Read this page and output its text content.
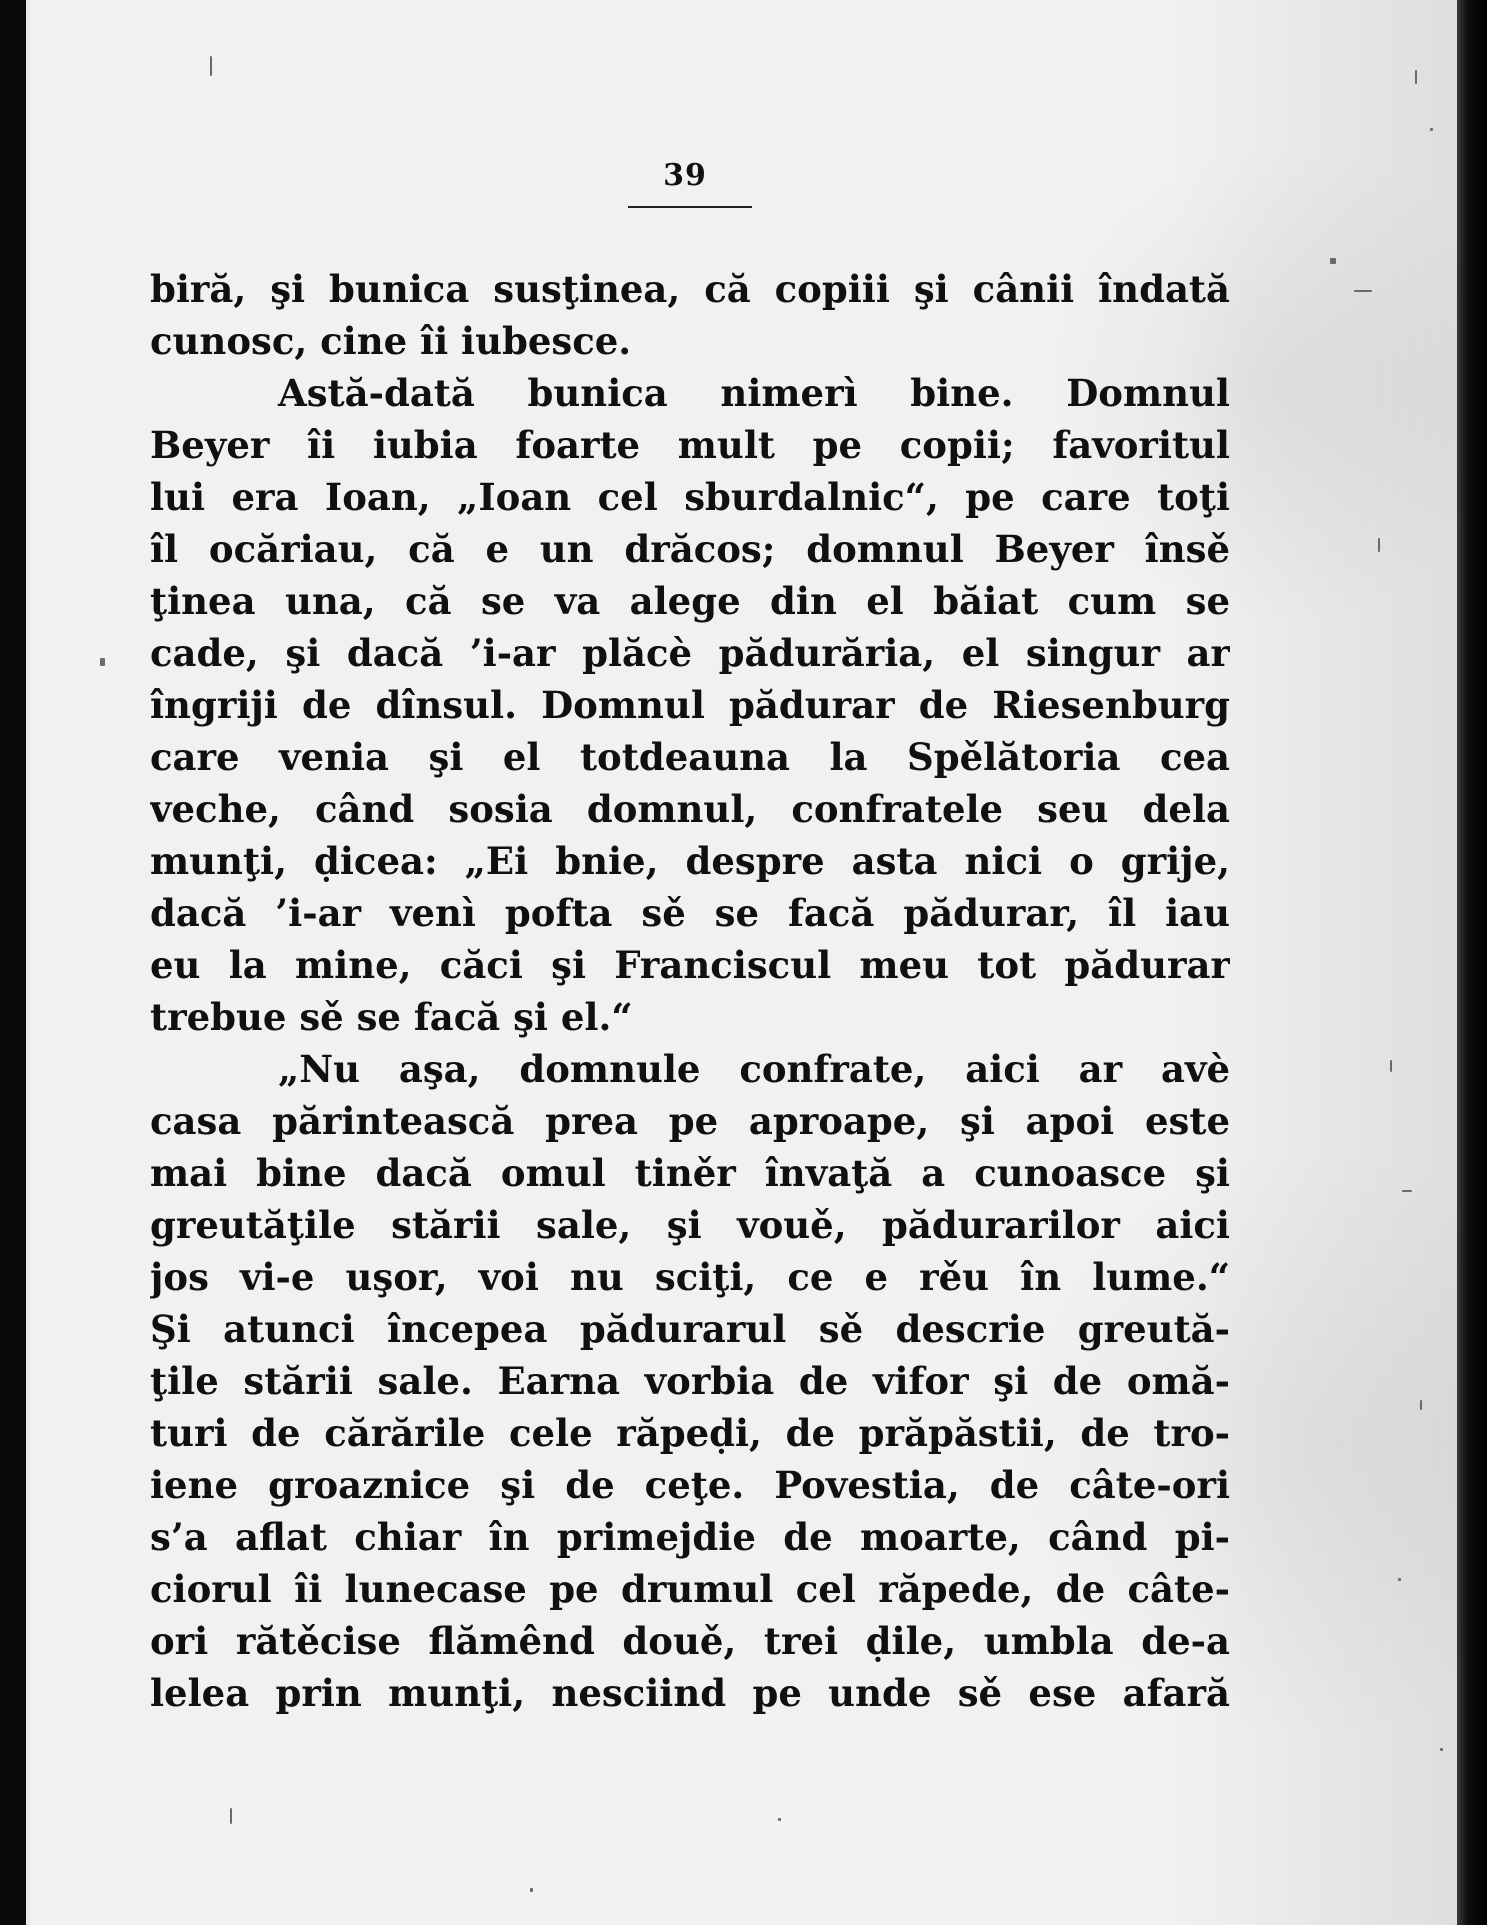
39
biră, şi bunica susţinea, că copiii şi cânii îndată
cunosc, cine îi iubesce.
Astă-dată bunica nimerì bine. Domnul
Beyer îi iubia foarte mult pe copii; favoritul
lui era Ioan, „Ioan cel sburdalnic“, pe care toţi
îl ocăriau, că e un drăcos; domnul Beyer însě
ţinea una, că se va alege din el băiat cum se
cade, şi dacă ’i-ar plăcè pădurăria, el singur ar
îngriji de dînsul. Domnul pădurar de Riesenburg
care venia şi el totdeauna la Spělătoria cea
veche, când sosia domnul, confratele seu dela
munţi, ḍicea: „Ei bnie, despre asta nici o grije,
dacă ’i-ar venì pofta sě se facă pădurar, îl iau
eu la mine, căci şi Franciscul meu tot pădurar
trebue sě se facă şi el.“
„Nu aşa, domnule confrate, aici ar avè
casa părintească prea pe aproape, şi apoi este
mai bine dacă omul tiněr învaţă a cunoasce şi
greutăţile stării sale, şi vouě, pădurarilor aici
jos vi-e uşor, voi nu sciţi, ce e rěu în lume.“
Şi atunci începea pădurarul sě descrie greută-
ţile stării sale. Earna vorbia de vifor şi de omă-
turi de cărările cele răpeḍi, de prăpăstii, de tro-
iene groaznice şi de ceţe. Povestia, de câte-ori
s’a aflat chiar în primejdie de moarte, când pi-
ciorul îi lunecase pe drumul cel răpede, de câte-
ori rătěcise flămênd douě, trei ḍile, umbla de-a
lelea prin munţi, nesciind pe unde sě ese afară
